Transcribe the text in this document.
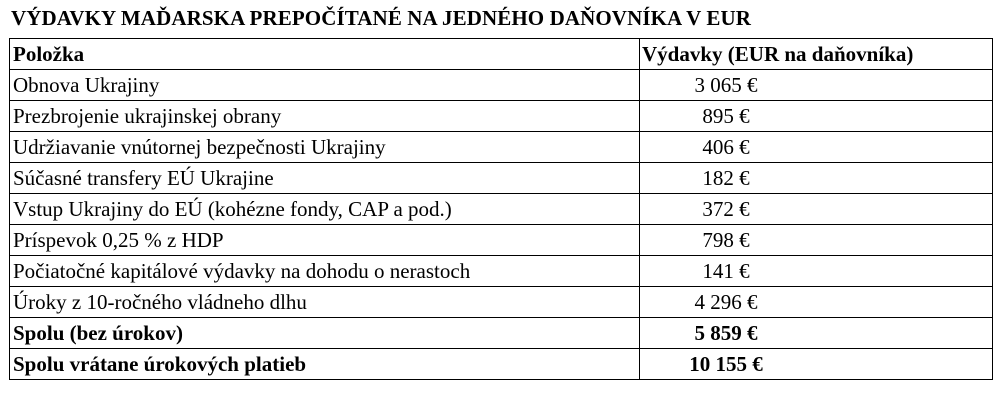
VÝDAVKY MAĎARSKA PREPOČÍTANÉ NA JEDNÉHO DAŇOVNÍKA V EUR
Položka	Výdavky (EUR na daňovníka)
Obnova Ukrajiny	3 065 €
Prezbrojenie ukrajinskej obrany	895 €
Udržiavanie vnútornej bezpečnosti Ukrajiny	406 €
Súčasné transfery EÚ Ukrajine	182 €
Vstup Ukrajiny do EÚ (kohézne fondy, CAP a pod.)	372 €
Príspevok 0,25 % z HDP	798 €
Počiatočné kapitálové výdavky na dohodu o nerastoch	141 €
Úroky z 10-ročného vládneho dlhu	4 296 €
Spolu (bez úrokov)	5 859 €
Spolu vrátane úrokových platieb	10 155 €
